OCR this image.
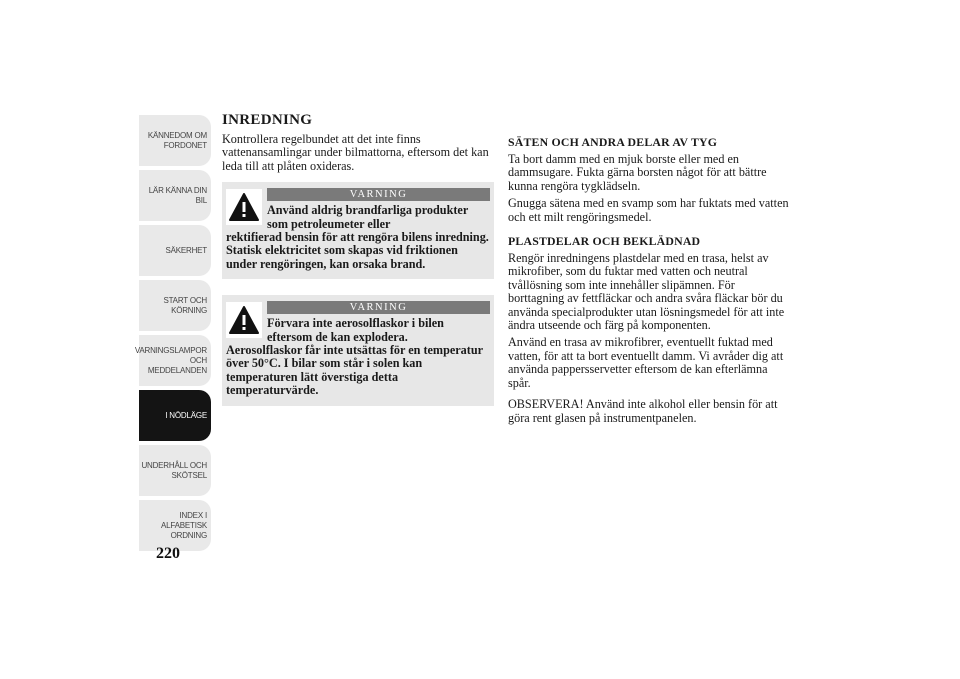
KÄNNEDOM OM
FORDONET
LÄR KÄNNA DIN
BIL
SÄKERHET
START OCH
KÖRNING
VARNINGSLAMPOR
OCH
MEDDELANDEN
I NÖDLÄGE
UNDERHÅLL OCH
SKÖTSEL
INDEX I
ALFABETISK
ORDNING
220
INREDNING

Kontrollera regelbundet att det inte finns vattenansamlingar under bilmattorna, eftersom det kan leda till att plåten oxideras.

VARNING

Använd aldrig brandfarliga produkter som petroleumeter eller
rektifierad bensin för att rengöra bilens inredning. Statisk elektricitet som skapas vid friktionen under rengöringen, kan orsaka brand.

VARNING

Förvara inte aerosolflaskor i bilen eftersom de kan explodera.
Aerosolflaskor får inte utsättas för en temperatur över 50°C. I bilar som står i solen kan temperaturen lätt överstiga detta temperaturvärde.

SÄTEN OCH ANDRA DELAR AV TYG

Ta bort damm med en mjuk borste eller med en dammsugare. Fukta gärna borsten något för att bättre kunna rengöra tygklädseln.

Gnugga sätena med en svamp som har fuktats med vatten och ett milt rengöringsmedel.

PLASTDELAR OCH BEKLÄDNAD

Rengör inredningens plastdelar med en trasa, helst av mikrofiber, som du fuktar med vatten och neutral tvållösning som inte innehåller slipämnen. För borttagning av fettfläckar och andra svåra fläckar bör du använda specialprodukter utan lösningsmedel för att inte ändra utseende och färg på komponenten.

Använd en trasa av mikrofibrer, eventuellt fuktad med vatten, för att ta bort eventuellt damm. Vi avråder dig att använda pappersservetter eftersom de kan efterlämna spår.

OBSERVERA! Använd inte alkohol eller bensin för att göra rent glasen på instrumentpanelen.
